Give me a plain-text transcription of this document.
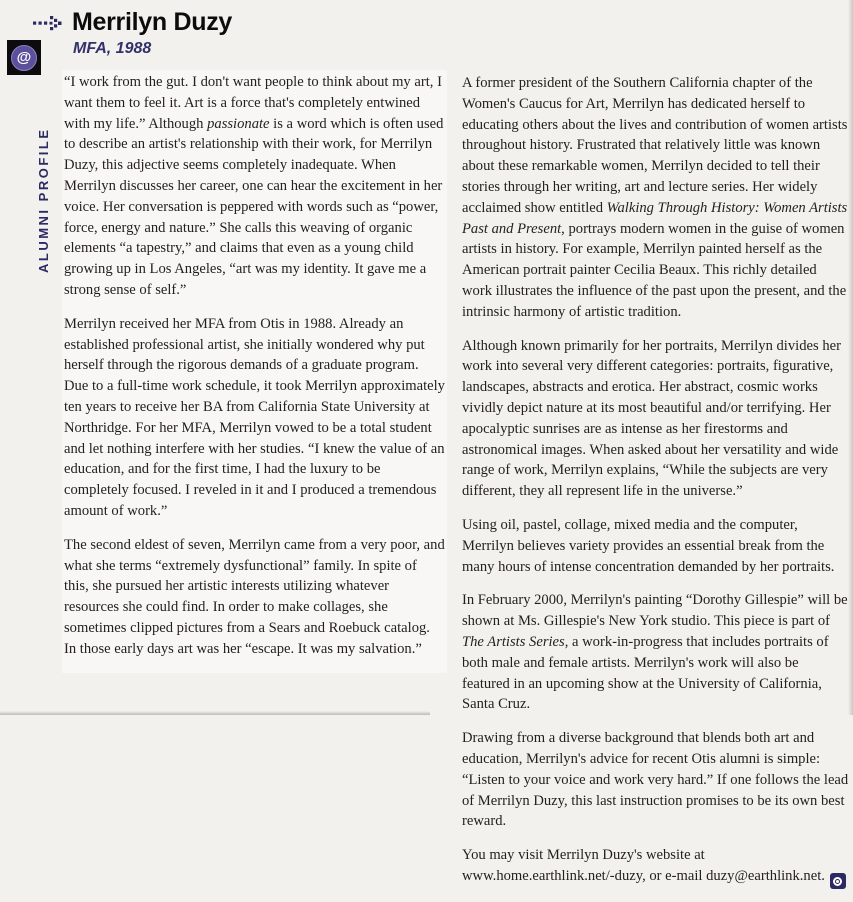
Merrilyn Duzy
MFA, 1988
@
ALUMNI PROFILE

“I work from the gut. I don't want people to think about my art, I want them to feel it. Art is a force that's completely entwined with my life.” Although passionate is a word which is often used to describe an artist's relationship with their work, for Merrilyn Duzy, this adjective seems completely inadequate. When Merrilyn discusses her career, one can hear the excitement in her voice. Her conversation is peppered with words such as “power, force, energy and nature.” She calls this weaving of organic elements “a tapestry,” and claims that even as a young child growing up in Los Angeles, “art was my identity. It gave me a strong sense of self.”

Merrilyn received her MFA from Otis in 1988. Already an established professional artist, she initially wondered why put herself through the rigorous demands of a graduate program. Due to a full-time work schedule, it took Merrilyn approximately ten years to receive her BA from California State University at Northridge. For her MFA, Merrilyn vowed to be a total student and let nothing interfere with her studies. “I knew the value of an education, and for the first time, I had the luxury to be completely focused. I reveled in it and I produced a tremendous amount of work.”

The second eldest of seven, Merrilyn came from a very poor, and what she terms “extremely dysfunctional” family. In spite of this, she pursued her artistic interests utilizing whatever resources she could find. In order to make collages, she sometimes clipped pictures from a Sears and Roebuck catalog. In those early days art was her “escape. It was my salvation.”

A former president of the Southern California chapter of the Women's Caucus for Art, Merrilyn has dedicated herself to educating others about the lives and contribution of women artists throughout history. Frustrated that relatively little was known about these remarkable women, Merrilyn decided to tell their stories through her writing, art and lecture series. Her widely acclaimed show entitled Walking Through History: Women Artists Past and Present, portrays modern women in the guise of women artists in history. For example, Merrilyn painted herself as the American portrait painter Cecilia Beaux. This richly detailed work illustrates the influence of the past upon the present, and the intrinsic harmony of artistic tradition.

Although known primarily for her portraits, Merrilyn divides her work into several very different categories: portraits, figurative, landscapes, abstracts and erotica. Her abstract, cosmic works vividly depict nature at its most beautiful and/or terrifying. Her apocalyptic sunrises are as intense as her firestorms and astronomical images. When asked about her versatility and wide range of work, Merrilyn explains, “While the subjects are very different, they all represent life in the universe.”

Using oil, pastel, collage, mixed media and the computer, Merrilyn believes variety provides an essential break from the many hours of intense concentration demanded by her portraits.

In February 2000, Merrilyn's painting “Dorothy Gillespie” will be shown at Ms. Gillespie's New York studio. This piece is part of The Artists Series, a work-in-progress that includes portraits of both male and female artists. Merrilyn's work will also be featured in an upcoming show at the University of California, Santa Cruz.

Drawing from a diverse background that blends both art and education, Merrilyn's advice for recent Otis alumni is simple: “Listen to your voice and work very hard.” If one follows the lead of Merrilyn Duzy, this last instruction promises to be its own best reward.

You may visit Merrilyn Duzy's website at www.home.earthlink.net/-duzy, or e-mail duzy@earthlink.net.
